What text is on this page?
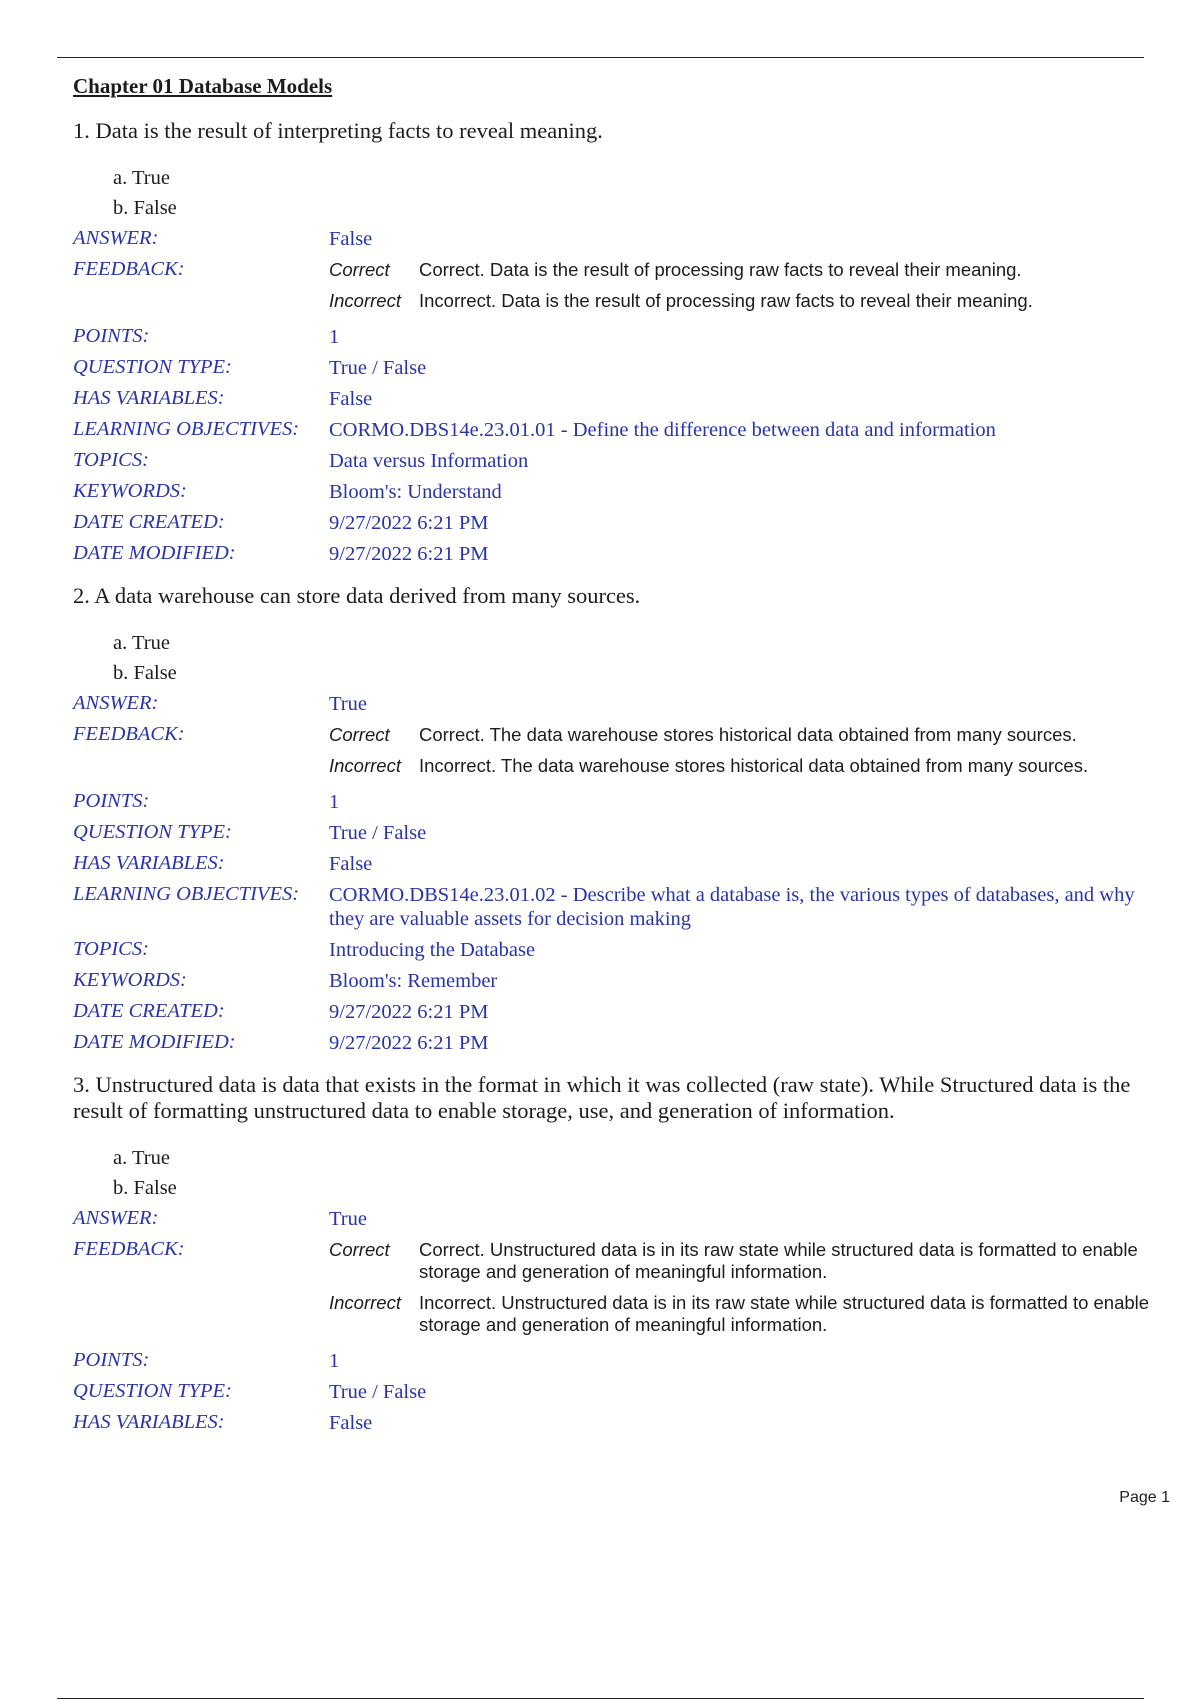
Chapter 01 Database Models
1. Data is the result of interpreting facts to reveal meaning.
a. True
b. False
ANSWER:	False
FEEDBACK:	Correct	Correct. Data is the result of processing raw facts to reveal their meaning.
Incorrect Incorrect. Data is the result of processing raw facts to reveal their meaning.
POINTS:	1
QUESTION TYPE:	True / False
HAS VARIABLES:	False
LEARNING OBJECTIVES:	CORMO.DBS14e.23.01.01 - Define the difference between data and information
TOPICS:	Data versus Information
KEYWORDS:	Bloom's: Understand
DATE CREATED:	9/27/2022 6:21 PM
DATE MODIFIED:	9/27/2022 6:21 PM
2. A data warehouse can store data derived from many sources.
a. True
b. False
ANSWER:	True
FEEDBACK:	Correct	Correct. The data warehouse stores historical data obtained from many sources.
Incorrect Incorrect. The data warehouse stores historical data obtained from many sources.
POINTS:	1
QUESTION TYPE:	True / False
HAS VARIABLES:	False
LEARNING OBJECTIVES:	CORMO.DBS14e.23.01.02 - Describe what a database is, the various types of databases, and why they are valuable assets for decision making
TOPICS:	Introducing the Database
KEYWORDS:	Bloom's: Remember
DATE CREATED:	9/27/2022 6:21 PM
DATE MODIFIED:	9/27/2022 6:21 PM
3. Unstructured data is data that exists in the format in which it was collected (raw state). While Structured data is the result of formatting unstructured data to enable storage, use, and generation of information.
a. True
b. False
ANSWER:	True
FEEDBACK:	Correct	Correct. Unstructured data is in its raw state while structured data is formatted to enable storage and generation of meaningful information.
Incorrect Incorrect. Unstructured data is in its raw state while structured data is formatted to enable storage and generation of meaningful information.
POINTS:	1
QUESTION TYPE:	True / False
HAS VARIABLES:	False
Page 1
